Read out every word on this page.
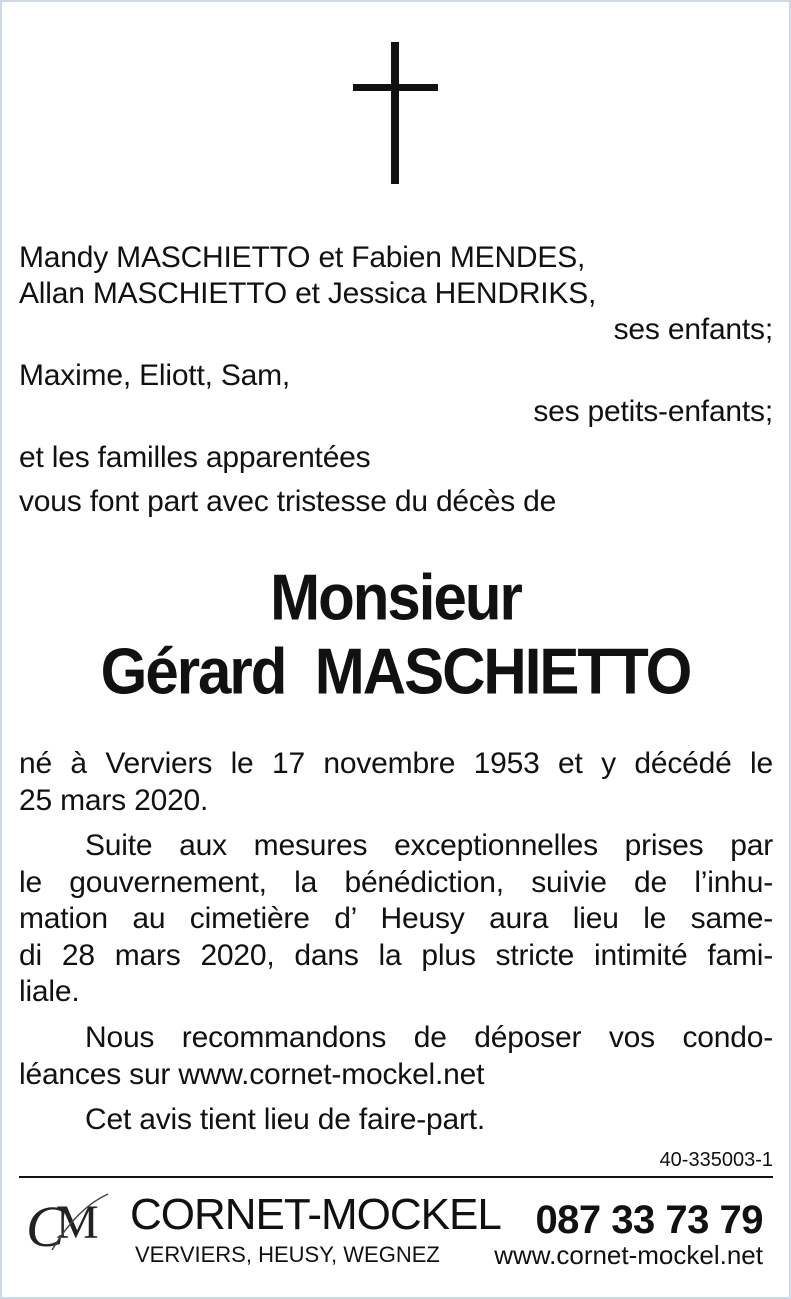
Mandy MASCHIETTO et Fabien MENDES,
Allan MASCHIETTO et Jessica HENDRIKS,
ses enfants;
Maxime, Eliott, Sam,
ses petits-enfants;
et les familles apparentées
vous font part avec tristesse du décès de
Monsieur
Gérard  MASCHIETTO
né à Verviers le 17 novembre 1953 et y décédé le
25 mars 2020.
Suite aux mesures exceptionnelles prises par
le gouvernement, la bénédiction, suivie de l’inhu-
mation au cimetière d’ Heusy aura lieu le same-
di 28 mars 2020, dans la plus stricte intimité fami-
liale.
Nous recommandons de déposer vos condo-
léances sur www.cornet-mockel.net
Cet avis tient lieu de faire-part.
40-335003-1
C
M CORNET-MOCKEL 087 33 73 79
VERVIERS, HEUSY, WEGNEZ www.cornet-mockel.net
